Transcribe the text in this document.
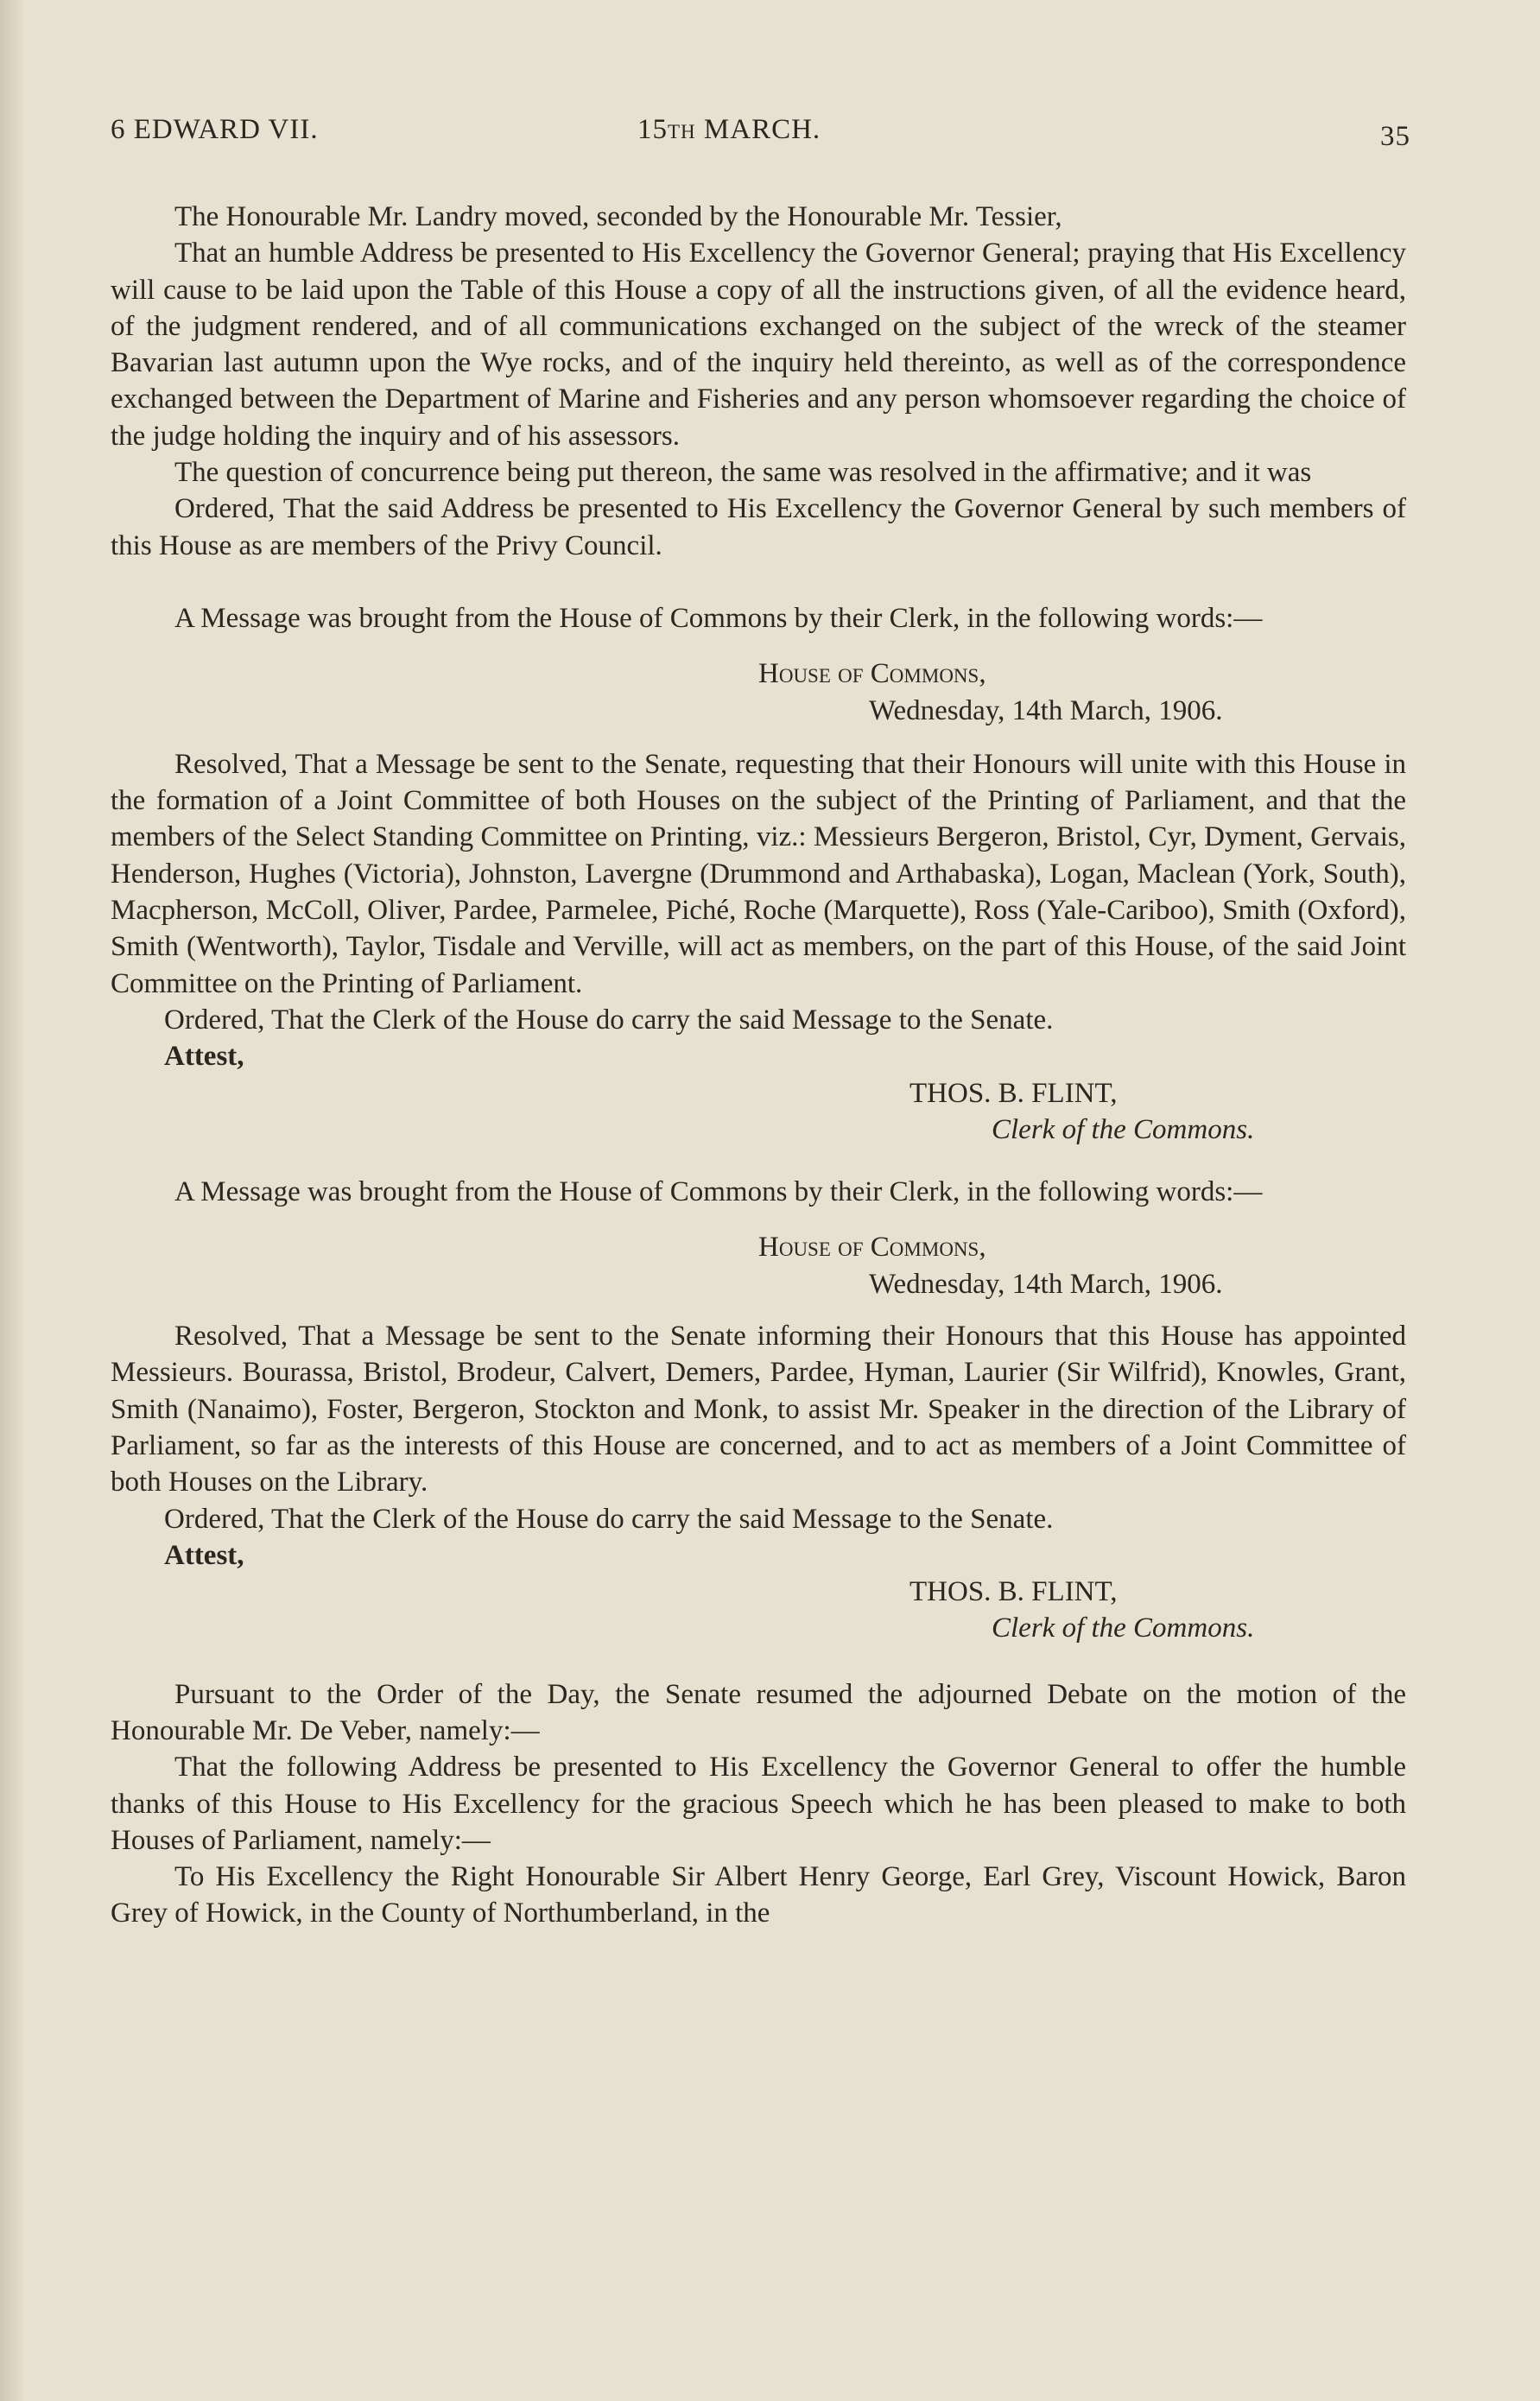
6 EDWARD VII.	15th MARCH.	35

The Honourable Mr. Landry moved, seconded by the Honourable Mr. Tessier,

That an humble Address be presented to His Excellency the Governor General; praying that His Excellency will cause to be laid upon the Table of this House a copy of all the instructions given, of all the evidence heard, of the judgment rendered, and of all communications exchanged on the subject of the wreck of the steamer Bavarian last autumn upon the Wye rocks, and of the inquiry held thereinto, as well as of the correspondence exchanged between the Department of Marine and Fisheries and any person whomsoever regarding the choice of the judge holding the inquiry and of his assessors.

The question of concurrence being put thereon, the same was resolved in the affirmative; and it was

Ordered, That the said Address be presented to His Excellency the Governor General by such members of this House as are members of the Privy Council.

A Message was brought from the House of Commons by their Clerk, in the following words:—

House of Commons,

Wednesday, 14th March, 1906.

Resolved, That a Message be sent to the Senate, requesting that their Honours will unite with this House in the formation of a Joint Committee of both Houses on the subject of the Printing of Parliament, and that the members of the Select Standing Committee on Printing, viz.: Messieurs Bergeron, Bristol, Cyr, Dyment, Gervais, Henderson, Hughes (Victoria), Johnston, Lavergne (Drummond and Arthabaska), Logan, Maclean (York, South), Macpherson, McColl, Oliver, Pardee, Parmelee, Piché, Roche (Marquette), Ross (Yale-Cariboo), Smith (Oxford), Smith (Wentworth), Taylor, Tisdale and Verville, will act as members, on the part of this House, of the said Joint Committee on the Printing of Parliament.

Ordered, That the Clerk of the House do carry the said Message to the Senate.

Attest,

THOS. B. FLINT,

Clerk of the Commons.

A Message was brought from the House of Commons by their Clerk, in the following words:—

House of Commons,

Wednesday, 14th March, 1906.

Resolved, That a Message be sent to the Senate informing their Honours that this House has appointed Messieurs. Bourassa, Bristol, Brodeur, Calvert, Demers, Pardee, Hyman, Laurier (Sir Wilfrid), Knowles, Grant, Smith (Nanaimo), Foster, Bergeron, Stockton and Monk, to assist Mr. Speaker in the direction of the Library of Parliament, so far as the interests of this House are concerned, and to act as members of a Joint Committee of both Houses on the Library.

Ordered, That the Clerk of the House do carry the said Message to the Senate.

Attest,

THOS. B. FLINT,

Clerk of the Commons.

Pursuant to the Order of the Day, the Senate resumed the adjourned Debate on the motion of the Honourable Mr. De Veber, namely:—

That the following Address be presented to His Excellency the Governor General to offer the humble thanks of this House to His Excellency for the gracious Speech which he has been pleased to make to both Houses of Parliament, namely:—

To His Excellency the Right Honourable Sir Albert Henry George, Earl Grey, Viscount Howick, Baron Grey of Howick, in the County of Northumberland, in the
